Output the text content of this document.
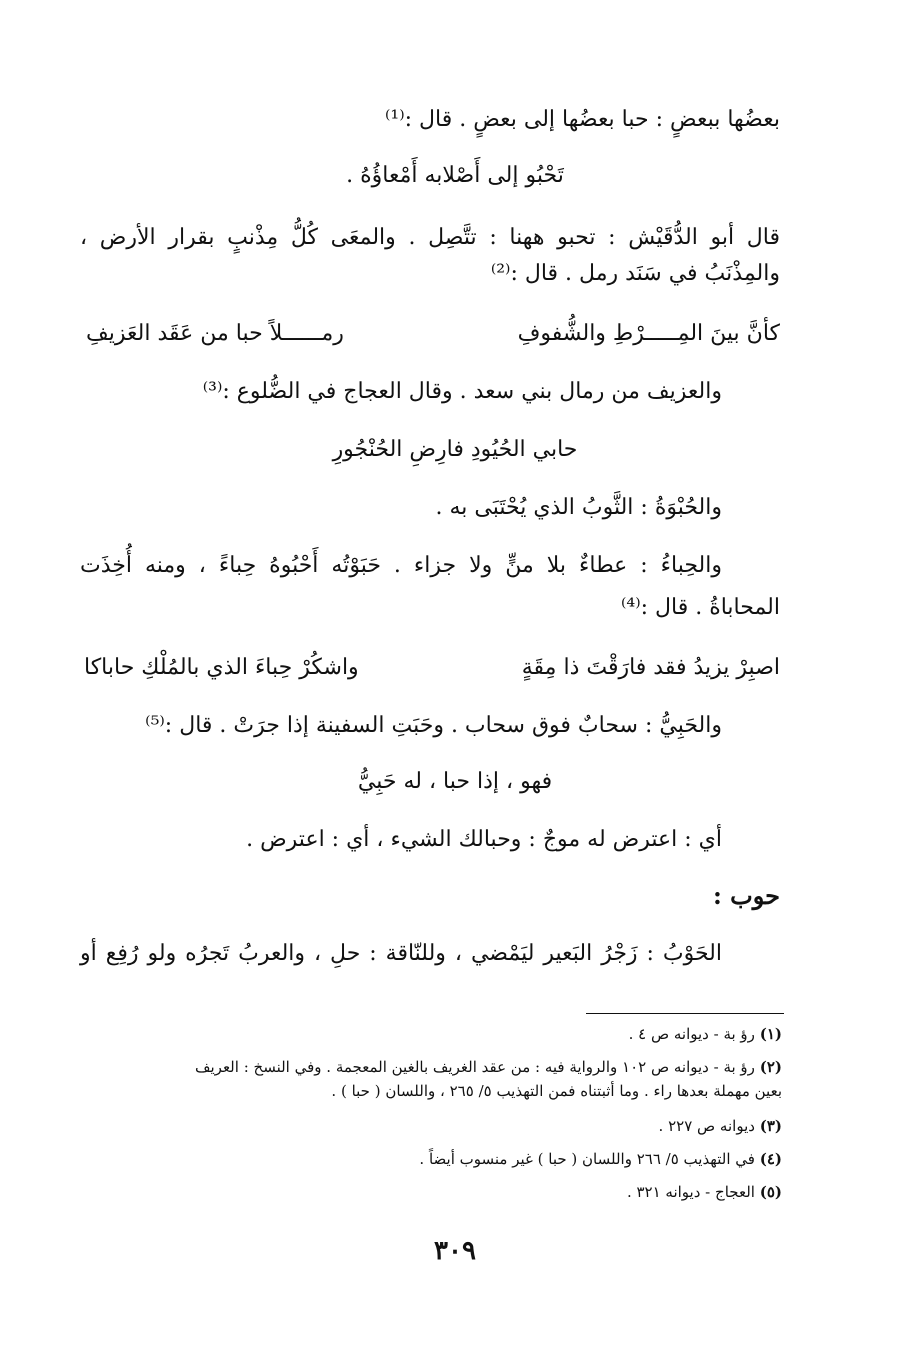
بعضُها ببعضٍ : حبا بعضُها إلى بعضٍ . قال :⁽¹⁾
تَحْبُو إلى أَصْلابه أَمْعاؤُهُ .
قال أبو الدُّقَيْش : تحبو ههنا : تتَّصِل . والمعَى كُلُّ مِذْنبٍ بقرار الأرض ،
والمِذْنَبُ في سَنَد رمل . قال :⁽²⁾
كأنَّ بينَ المِـــــرْطِ والشُّفوفِ
رمــــــلاً حبا من عَقَد العَزيفِ
والعزيف من رمال بني سعد . وقال العجاج في الضُّلوع :⁽³⁾
حابي الحُيُودِ فارِضِ الحُنْجُورِ
والحُبْوَةُ : الثَّوبُ الذي يُحْتَبَى به .
والحِباءُ : عطاءٌ بلا منٍّ ولا جزاء . حَبَوْتُه أَحْبُوهُ حِباءً ، ومنه أُخِذَت
المحاباةُ . قال :⁽⁴⁾
اصبِرْ يزيدُ فقد فارَقْتَ ذا مِقَةٍ
واشكُرْ حِباءَ الذي بالمُلْكِ حاباكا
والحَبِيُّ : سحابٌ فوق سحاب . وحَبَتِ السفينة إذا جرَتْ . قال :⁽⁵⁾
فهو ، إذا حبا ، له حَبِيُّ
أي : اعترض له موجٌ : وحبالك الشيء ، أي : اعترض .
حوب :
الحَوْبُ : زَجْرُ البَعير ليَمْضي ، وللنّاقة : حلِ ، والعربُ تَجرُه ولو رُفِع أو
(١) رؤ بة - ديوانه ص ٤ .
(٢) رؤ بة - ديوانه ص ١٠٢ والرواية فيه : من عقد الغريف بالغين المعجمة . وفي النسخ : العريف
بعين مهملة بعدها راء . وما أثبتناه فمن التهذيب ٥/ ٢٦٥ ، واللسان ( حبا ) .
(٣) ديوانه ص ٢٢٧ .
(٤) في التهذيب ٥/ ٢٦٦ واللسان ( حبا ) غير منسوب أيضاً .
(٥) العجاج - ديوانه ٣٢١ .
٣٠٩
